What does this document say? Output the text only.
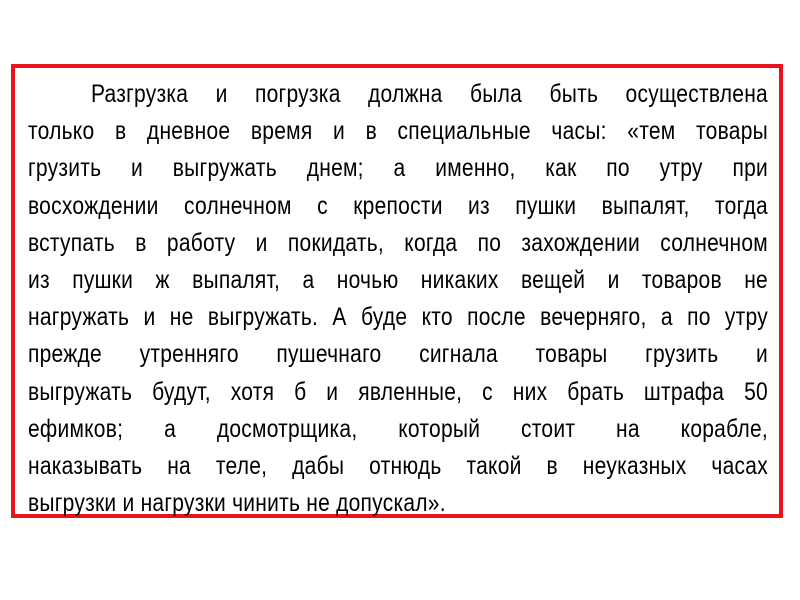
Разгрузка и погрузка должна была быть осуществлена
только в дневное время и в специальные часы: «тем товары
грузить и выгружать днем; а именно, как по утру при
восхождении солнечном с крепости из пушки выпалят, тогда
вступать в работу и покидать, когда по захождении солнечном
из пушки ж выпалят, а ночью никаких вещей и товаров не
нагружать и не выгружать. А буде кто после вечерняго, а по утру
прежде утренняго пушечнаго сигнала товары грузить и
выгружать будут, хотя б и явленные, с них брать штрафа 50
ефимков; а досмотрщика, который стоит на корабле,
наказывать на теле, дабы отнюдь такой в неуказных часах
выгрузки и нагрузки чинить не допускал».
